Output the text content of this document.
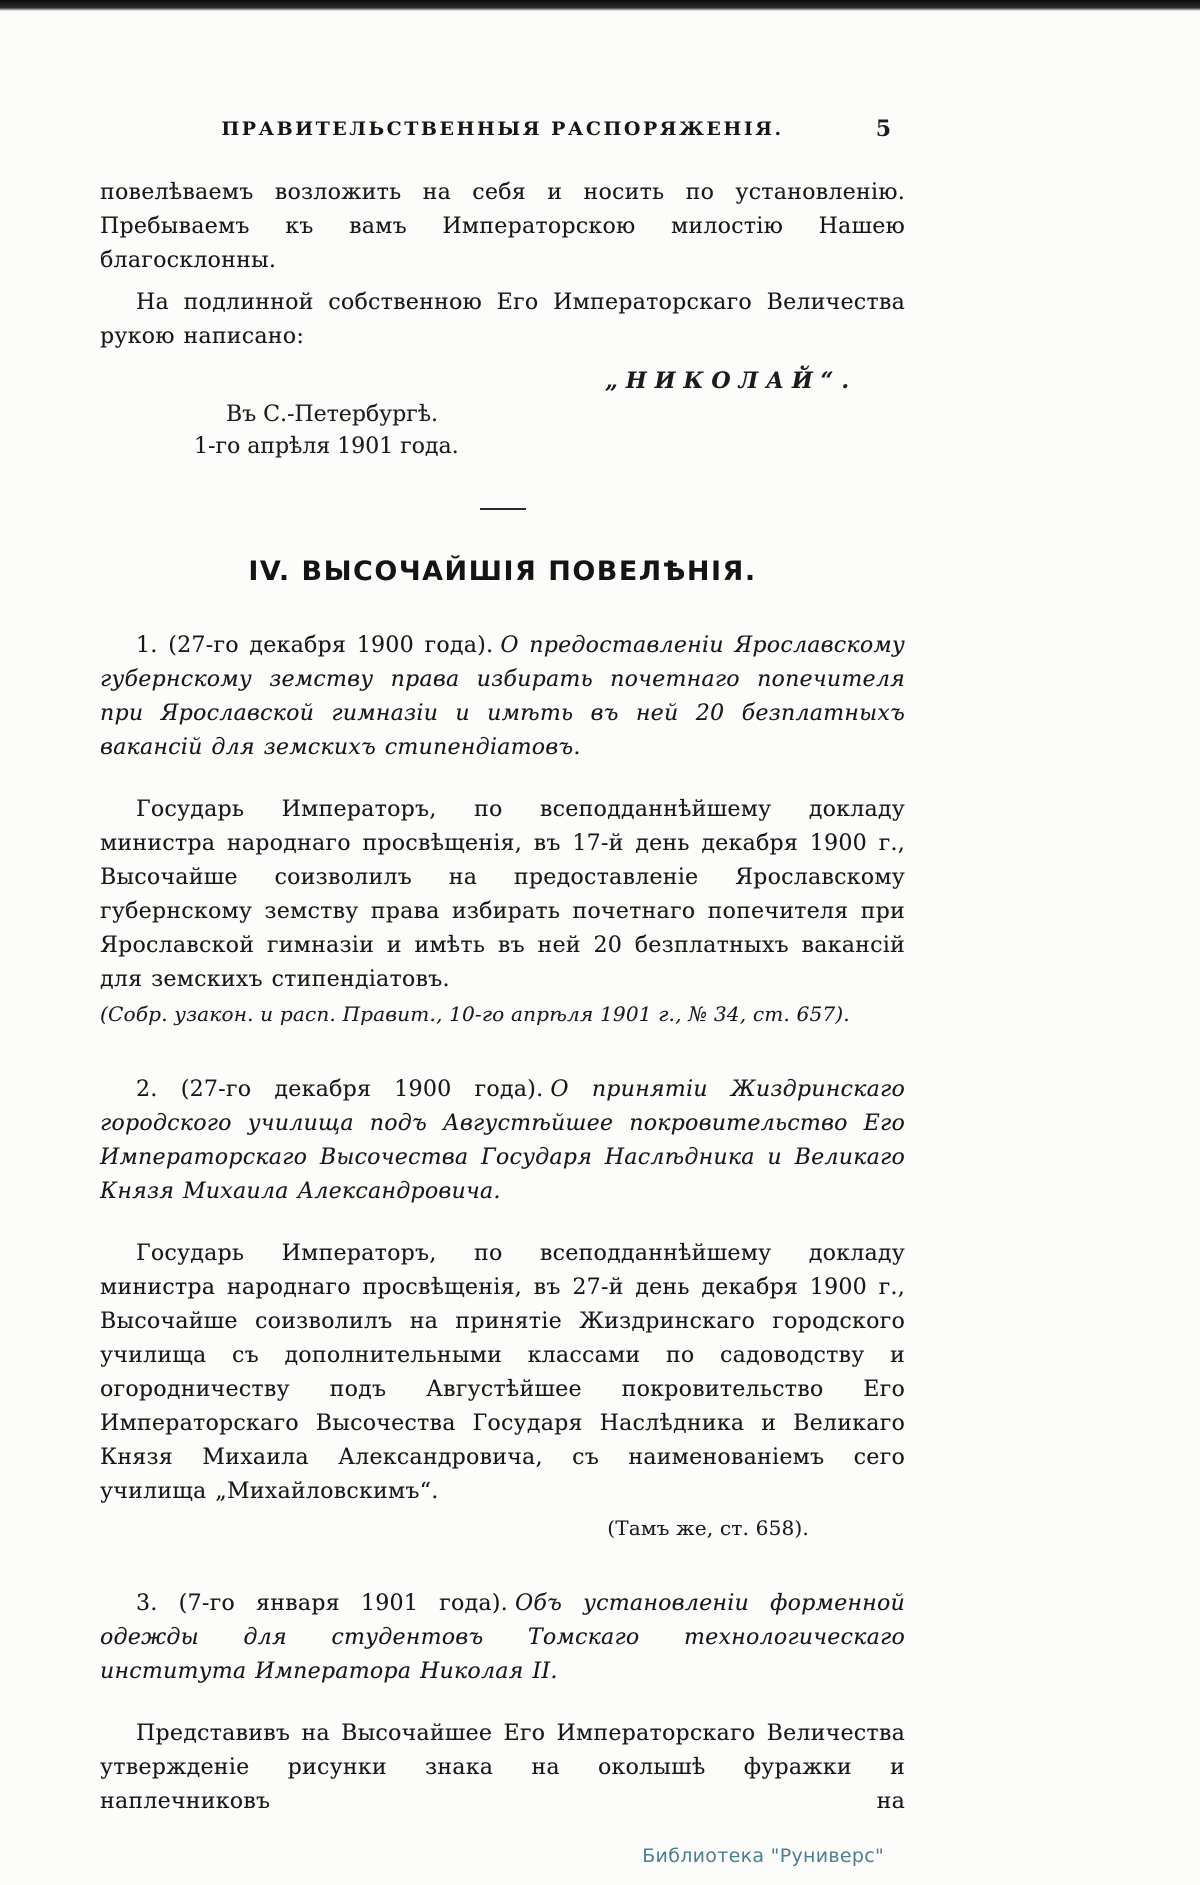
ПРАВИТЕЛЬСТВЕННЫЯ РАСПОРЯЖЕНІЯ.	5

повелѣваемъ возложить на себя и носить по установленію. Пребываемъ къ вамъ Императорскою милостію Нашею благосклонны.

На подлинной собственною Его Императорскаго Величества рукою написано:

„НИКОЛАЙ“.
Въ С.-Петербургѣ.
1-го апрѣля 1901 года.
IV. ВЫСОЧАЙШІЯ ПОВЕЛѢНІЯ.

1. (27-го декабря 1900 года). О предоставленіи Ярославскому губернскому земству права избирать почетнаго попечителя при Ярославской гимназіи и имѣть въ ней 20 безплатныхъ вакансій для земскихъ стипендіатовъ.

Государь Императоръ, по всеподданнѣйшему докладу министра народнаго просвѣщенія, въ 17-й день декабря 1900 г., Высочайше соизволилъ на предоставленіе Ярославскому губернскому земству права избирать почетнаго попечителя при Ярославской гимназіи и имѣть въ ней 20 безплатныхъ вакансій для земскихъ стипендіатовъ.

(Собр. узакон. и расп. Правит., 10-го апрѣля 1901 г., № 34, ст. 657).

2. (27-го декабря 1900 года). О принятіи Жиздринскаго городского училища подъ Августѣйшее покровительство Его Императорскаго Высочества Государя Наслѣдника и Великаго Князя Михаила Александровича.

Государь Императоръ, по всеподданнѣйшему докладу министра народнаго просвѣщенія, въ 27-й день декабря 1900 г., Высочайше соизволилъ на принятіе Жиздринскаго городского училища съ дополнительными классами по садоводству и огородничеству подъ Августѣйшее покровительство Его Императорскаго Высочества Государя Наслѣдника и Великаго Князя Михаила Александровича, съ наименованіемъ сего училища „Михайловскимъ“.

(Тамъ же, ст. 658).

3. (7-го января 1901 года). Объ установленіи форменной одежды для студентовъ Томскаго технологическаго института Императора Николая II.

Представивъ на Высочайшее Его Императорскаго Величества утвержденіе рисунки знака на околышѣ фуражки и наплечниковъ на

Библиотека "Руниверс"
